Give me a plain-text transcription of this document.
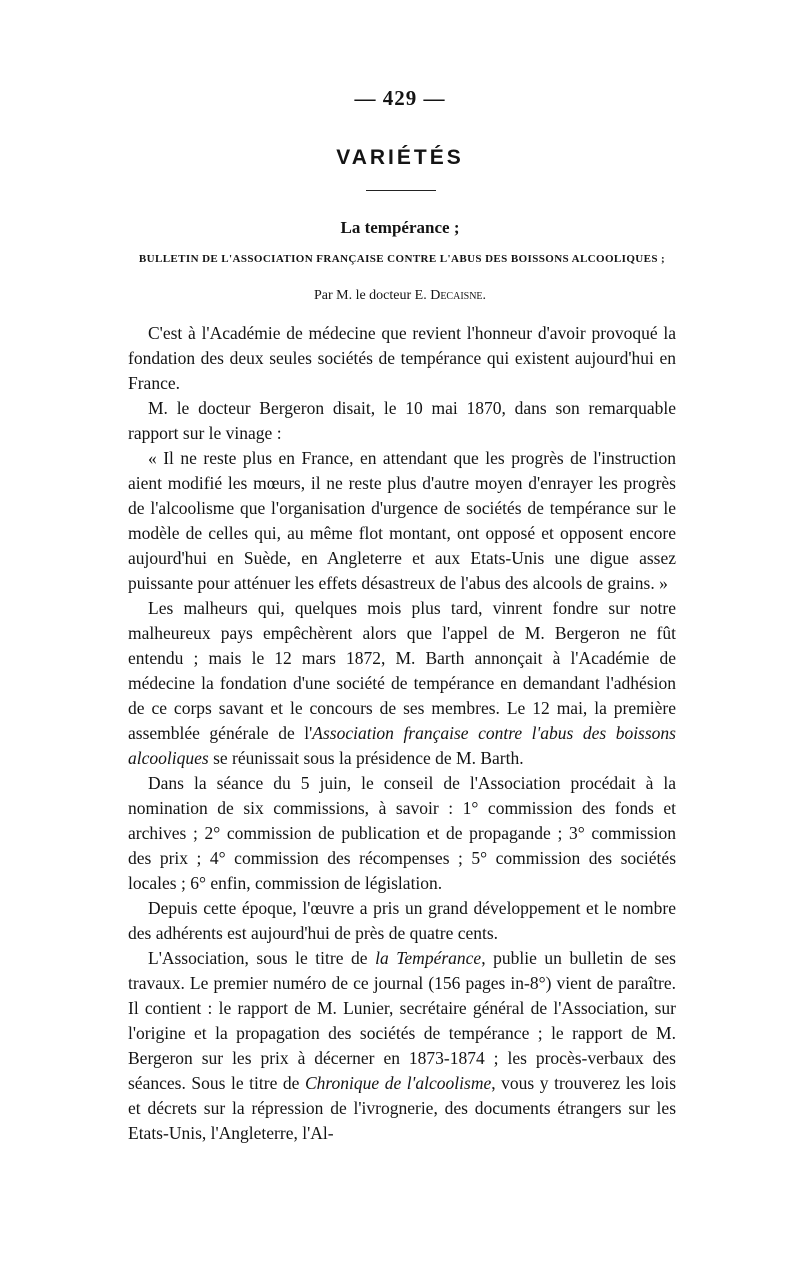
— 429 —
VARIÉTÉS
La tempérance ;
BULLETIN DE L'ASSOCIATION FRANÇAISE CONTRE L'ABUS DES BOISSONS ALCOOLIQUES ;
Par M. le docteur E. Decaisne.

C'est à l'Académie de médecine que revient l'honneur d'avoir provoqué la fondation des deux seules sociétés de tempérance qui existent aujourd'hui en France.

M. le docteur Bergeron disait, le 10 mai 1870, dans son remarquable rapport sur le vinage :

« Il ne reste plus en France, en attendant que les progrès de l'instruction aient modifié les mœurs, il ne reste plus d'autre moyen d'enrayer les progrès de l'alcoolisme que l'organisation d'urgence de sociétés de tempérance sur le modèle de celles qui, au même flot montant, ont opposé et opposent encore aujourd'hui en Suède, en Angleterre et aux Etats-Unis une digue assez puissante pour atténuer les effets désastreux de l'abus des alcools de grains. »

Les malheurs qui, quelques mois plus tard, vinrent fondre sur notre malheureux pays empêchèrent alors que l'appel de M. Bergeron ne fût entendu ; mais le 12 mars 1872, M. Barth annonçait à l'Académie de médecine la fondation d'une société de tempérance en demandant l'adhésion de ce corps savant et le concours de ses membres. Le 12 mai, la première assemblée générale de l'Association française contre l'abus des boissons alcooliques se réunissait sous la présidence de M. Barth.

Dans la séance du 5 juin, le conseil de l'Association procédait à la nomination de six commissions, à savoir : 1° commission des fonds et archives ; 2° commission de publication et de propagande ; 3° commission des prix ; 4° commission des récompenses ; 5° commission des sociétés locales ; 6° enfin, commission de législation.

Depuis cette époque, l'œuvre a pris un grand développement et le nombre des adhérents est aujourd'hui de près de quatre cents.

L'Association, sous le titre de la Tempérance, publie un bulletin de ses travaux. Le premier numéro de ce journal (156 pages in-8°) vient de paraître. Il contient : le rapport de M. Lunier, secrétaire général de l'Association, sur l'origine et la propagation des sociétés de tempérance ; le rapport de M. Bergeron sur les prix à décerner en 1873-1874 ; les procès-verbaux des séances. Sous le titre de Chronique de l'alcoolisme, vous y trouverez les lois et décrets sur la répression de l'ivrognerie, des documents étrangers sur les Etats-Unis, l'Angleterre, l'Al-
